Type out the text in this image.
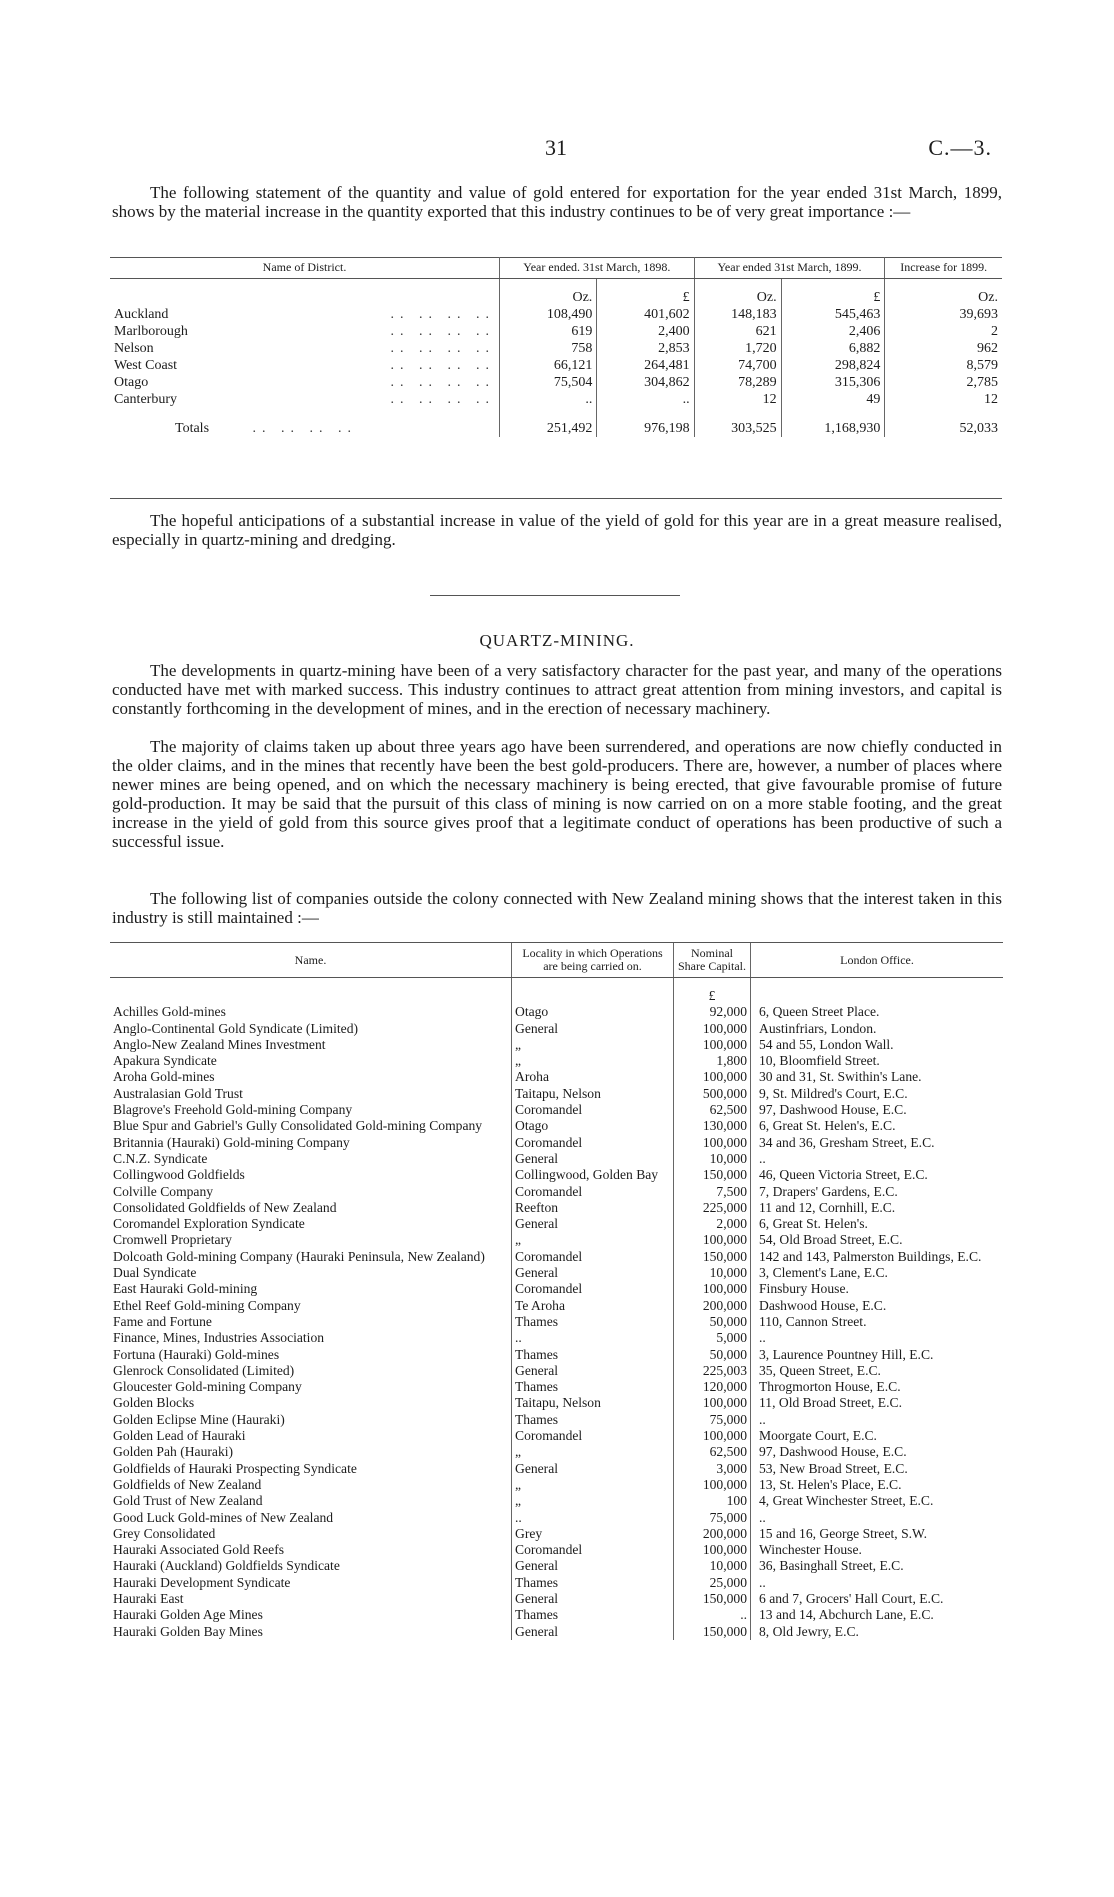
31	C.—3.

The following statement of the quantity and value of gold entered for exportation for the year ended 31st March, 1899, shows by the material increase in the quantity exported that this industry continues to be of very great importance :—

Name of District.	Year ended. 31st March, 1898.		Year ended 31st March, 1899.		Increase for 1899.

	Oz.	£	Oz.	£	Oz.
Auckland .. .. .. ..	108,490	401,602	148,183	545,463	39,693
Marlborough .. .. .. ..	619	2,400	621	2,406	2
Nelson .. .. .. ..	758	2,853	1,720	6,882	962
West Coast .. .. .. ..	66,121	264,481	74,700	298,824	8,579
Otago .. .. .. ..	75,504	304,862	78,289	315,306	2,785
Canterbury .. .. .. ..	..	..	12	49	12
Totals .. .. .. ..	251,492	976,198	303,525	1,168,930	52,033

The hopeful anticipations of a substantial increase in value of the yield of gold for this year are in a great measure realised, especially in quartz-mining and dredging.

QUARTZ-MINING.

The developments in quartz-mining have been of a very satisfactory character for the past year, and many of the operations conducted have met with marked success. This industry continues to attract great attention from mining investors, and capital is constantly forthcoming in the development of mines, and in the erection of necessary machinery.

The majority of claims taken up about three years ago have been surrendered, and operations are now chiefly conducted in the older claims, and in the mines that recently have been the best gold-producers. There are, however, a number of places where newer mines are being opened, and on which the necessary machinery is being erected, that give favourable promise of future gold-production. It may be said that the pursuit of this class of mining is now carried on on a more stable footing, and the great increase in the yield of gold from this source gives proof that a legitimate conduct of operations has been productive of such a successful issue.

The following list of companies outside the colony connected with New Zealand mining shows that the interest taken in this industry is still maintained :—

Name.	Locality in which Operations are being carried on.	Nominal Share Capital.	London Office.

		£	
Achilles Gold-mines	Otago	92,000	6, Queen Street Place.
Anglo-Continental Gold Syndicate (Limited)	General	100,000	Austinfriars, London.
Anglo-New Zealand Mines Investment	„	100,000	54 and 55, London Wall.
Apakura Syndicate	„	1,800	10, Bloomfield Street.
Aroha Gold-mines	Aroha	100,000	30 and 31, St. Swithin's Lane.
Australasian Gold Trust	Taitapu, Nelson	500,000	9, St. Mildred's Court, E.C.
Blagrove's Freehold Gold-mining Company	Coromandel	62,500	97, Dashwood House, E.C.
Blue Spur and Gabriel's Gully Consolidated Gold-mining Company	Otago	130,000	6, Great St. Helen's, E.C.
Britannia (Hauraki) Gold-mining Company	Coromandel	100,000	34 and 36, Gresham Street, E.C.
C.N.Z. Syndicate	General	10,000	..
Collingwood Goldfields	Collingwood, Golden Bay	150,000	46, Queen Victoria Street, E.C.
Colville Company	Coromandel	7,500	7, Drapers' Gardens, E.C.
Consolidated Goldfields of New Zealand	Reefton	225,000	11 and 12, Cornhill, E.C.
Coromandel Exploration Syndicate	General	2,000	6, Great St. Helen's.
Cromwell Proprietary	„	100,000	54, Old Broad Street, E.C.
Dolcoath Gold-mining Company (Hauraki Peninsula, New Zealand)	Coromandel	150,000	142 and 143, Palmerston Buildings, E.C.
Dual Syndicate	General	10,000	3, Clement's Lane, E.C.
East Hauraki Gold-mining	Coromandel	100,000	Finsbury House.
Ethel Reef Gold-mining Company	Te Aroha	200,000	Dashwood House, E.C.
Fame and Fortune	Thames	50,000	110, Cannon Street.
Finance, Mines, Industries Association	..	5,000	..
Fortuna (Hauraki) Gold-mines	Thames	50,000	3, Laurence Pountney Hill, E.C.
Glenrock Consolidated (Limited)	General	225,003	35, Queen Street, E.C.
Gloucester Gold-mining Company	Thames	120,000	Throgmorton House, E.C.
Golden Blocks	Taitapu, Nelson	100,000	11, Old Broad Street, E.C.
Golden Eclipse Mine (Hauraki)	Thames	75,000	..
Golden Lead of Hauraki	Coromandel	100,000	Moorgate Court, E.C.
Golden Pah (Hauraki)	„	62,500	97, Dashwood House, E.C.
Goldfields of Hauraki Prospecting Syndicate	General	3,000	53, New Broad Street, E.C.
Goldfields of New Zealand	„	100,000	13, St. Helen's Place, E.C.
Gold Trust of New Zealand	„	100	4, Great Winchester Street, E.C.
Good Luck Gold-mines of New Zealand	..	75,000	..
Grey Consolidated	Grey	200,000	15 and 16, George Street, S.W.
Hauraki Associated Gold Reefs	Coromandel	100,000	Winchester House.
Hauraki (Auckland) Goldfields Syndicate	General	10,000	36, Basinghall Street, E.C.
Hauraki Development Syndicate	Thames	25,000	..
Hauraki East	General	150,000	6 and 7, Grocers' Hall Court, E.C.
Hauraki Golden Age Mines	Thames	..	13 and 14, Abchurch Lane, E.C.
Hauraki Golden Bay Mines	General	150,000	8, Old Jewry, E.C.
